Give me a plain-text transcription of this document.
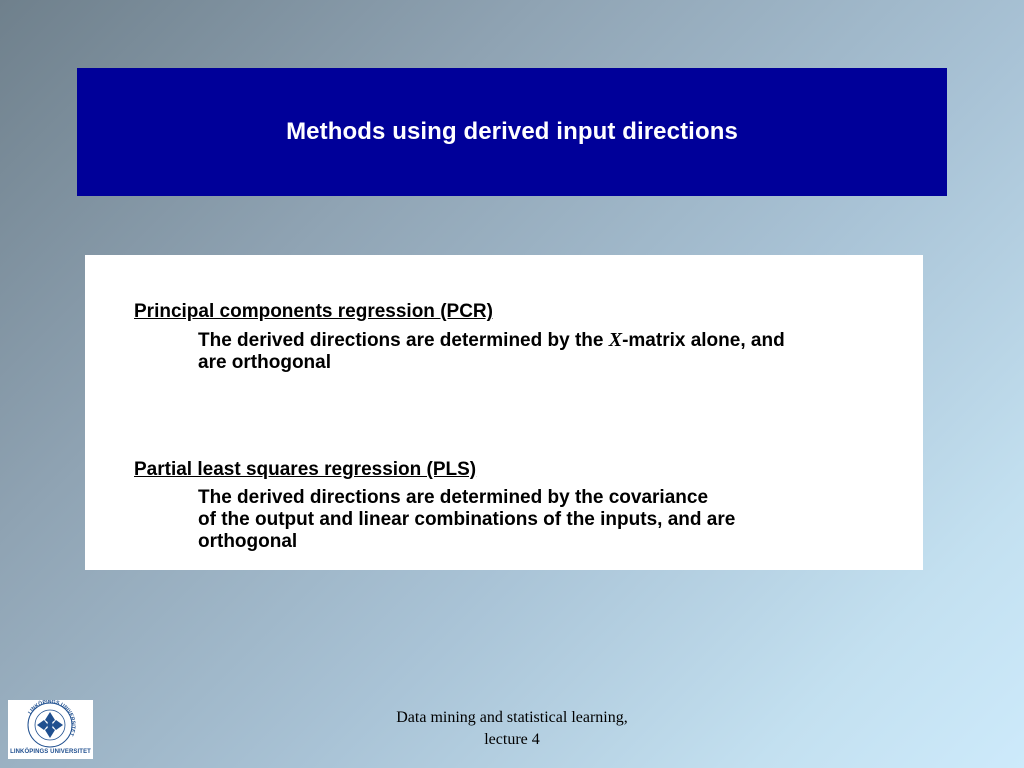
Methods using derived input directions
Principal components regression (PCR)
The derived directions are determined by the X-matrix alone, and
are orthogonal
Partial least squares regression (PLS)
The derived directions are determined by the covariance
of the output and linear combinations of the inputs, and are
orthogonal
LINKÖPINGS UNIVERSITET
LINKÖPINGS UNIVERSITET
Data mining and statistical learning,
lecture 4
